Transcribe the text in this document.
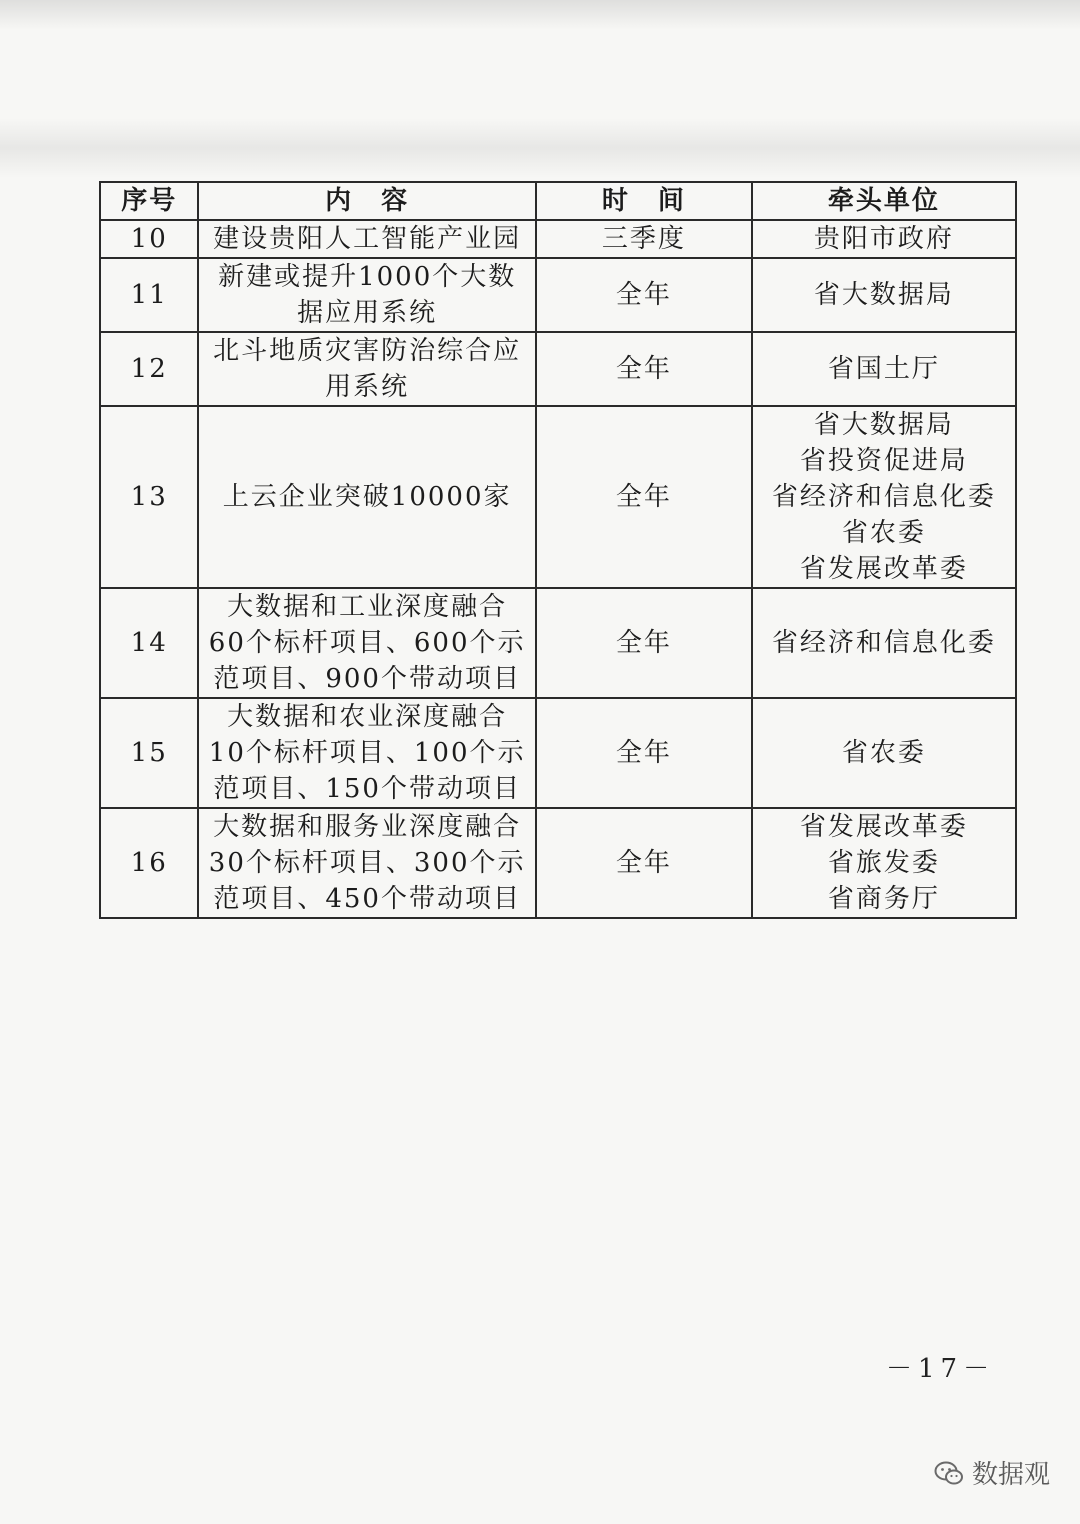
序号	内　容	时　间	牵头单位
10	建设贵阳人工智能产业园	三季度	贵阳市政府

11	新建或提升1000个大数
据应用系统	全年	省大数据局

12	北斗地质灾害防治综合应
用系统	全年	省国土厅

13	上云企业突破10000家	全年	省大数据局
省投资促进局
省经济和信息化委
省农委
省发展改革委

14	大数据和工业深度融合
60个标杆项目、600个示
范项目、900个带动项目	全年	省经济和信息化委

15	大数据和农业深度融合
10个标杆项目、100个示
范项目、150个带动项目	全年	省农委

16	大数据和服务业深度融合
30个标杆项目、300个示
范项目、450个带动项目	全年	省发展改革委
省旅发委
省商务厅
－17－
数据观
